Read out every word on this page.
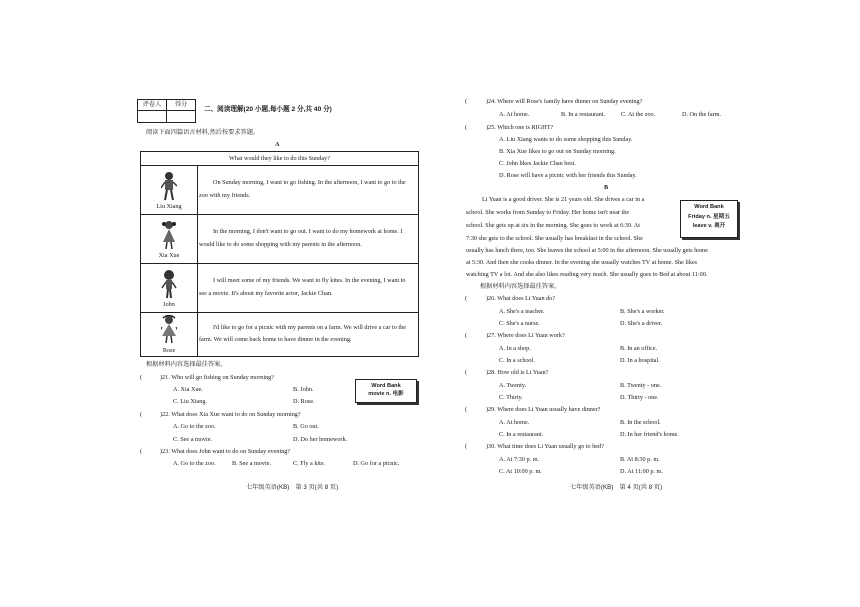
评卷人	得分

二、阅读理解(20 小题,每小题 2 分,共 40 分)
阅读下面四篇语言材料,然后按要求答题。
A
What would they like to do this Sunday?
Liu Xiang
On Sunday morning, I want to go fishing. In the afternoon, I want to go to the zoo with my friends.
Xia Xue
In the morning, I don't want to go out. I want to do my homework at home. I would like to do some shopping with my parents in the afternoon.
John
I will meet some of my friends. We want to fly kites. In the evening, I want to see a movie. It's about my favorite actor, Jackie Chan.
Rose
I'd like to go for a picnic with my parents on a farm. We will drive a car to the farm. We will come back home to have dinner in the evening.
根据材料内容选择最佳答案。
Word Bank
movie n. 电影
(	)21. Who will go fishing on Sunday morning?
A. Xia Xue.	B. John.
C. Liu Xiang.	D. Rose.
(	)22. What does Xia Xue want to do on Sunday morning?
A. Go to the zoo.	B. Go out.
C. See a movie.	D. Do her homework.
(	)23. What does John want to do on Sunday evening?
A. Go to the zoo.	B. See a movie.	C. Fly a kite.	D. Go for a picnic.
七年级英语(KB)　第 3 页(共 8 页)
(	)24. Where will Rose's family have dinner on Sunday evening?
A. At home.	B. In a restaurant.	C. At the zoo.	D. On the farm.
(	)25. Which one is RIGHT?
A. Liu Xiang wants to do some shopping this Sunday.
B. Xia Xue likes to go out on Sunday morning.
C. John likes Jackie Chan best.
D. Rose will have a picnic with her friends this Sunday.
B
Li Yuan is a good driver. She is 21 years old. She drives a car in a
school. She works from Sunday to Friday. Her home isn't near the
school. She gets up at six in the morning. She goes to work at 6:30. At
7:30 she gets to the school. She usually has breakfast in the school. She
usually has lunch there, too. She leaves the school at 5:00 in the afternoon. She usually gets home
at 5:30. And then she cooks dinner. In the evening she usually watches TV at home. She likes
watching TV a lot. And she also likes reading very much. She usually goes to Bed at about 11:00.
Word Bank
Friday n. 星期五
leave v. 离开
根据材料内容选择最佳答案。
(	)26. What does Li Yuan do?
A. She's a teacher.	B. She's a worker.
C. She's a nurse.	D. She's a driver.
(	)27. Where does Li Yuan work?
A. In a shop.	B. In an office.
C. In a school.	D. In a hospital.
(	)28. How old is Li Yuan?
A. Twenty.	B. Twenty - one.
C. Thirty.	D. Thirty - one.
(	)29. Where does Li Yuan usually have dinner?
A. At home.	B. In the school.
C. In a restaurant.	D. In her friend's home.
(	)30. What time does Li Yuan usually go to bed?
A. At 7:30 p. m.	B. At 8:30 p. m.
C. At 10:00 p. m.	D. At 11:00 p. m.
七年级英语(KB)　第 4 页(共 8 页)
